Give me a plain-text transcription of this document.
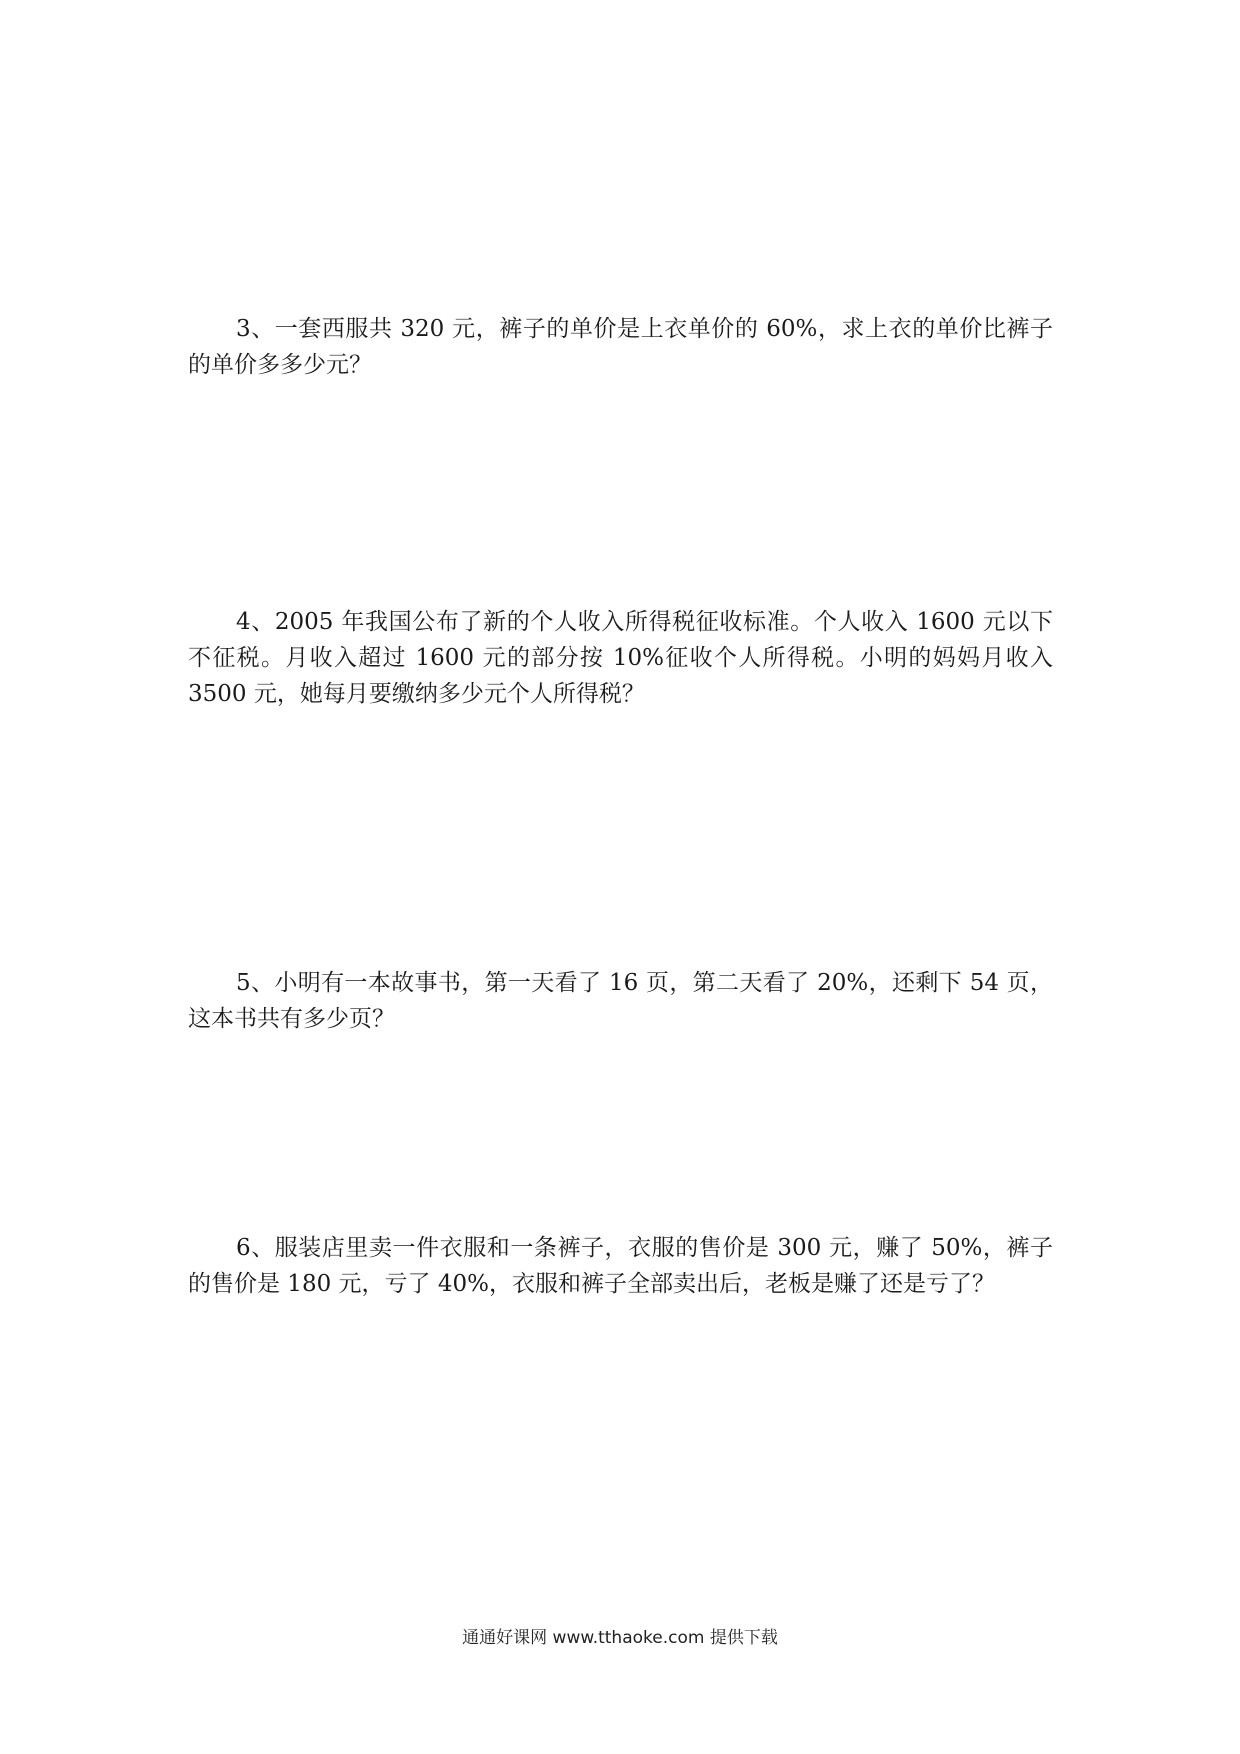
3、一套西服共 320 元，裤子的单价是上衣单价的 60%，求上衣的单价比裤子的单价多多少元？

4、2005 年我国公布了新的个人收入所得税征收标准。个人收入 1600 元以下不征税。月收入超过 1600 元的部分按 10%征收个人所得税。小明的妈妈月收入 3500 元，她每月要缴纳多少元个人所得税？

5、小明有一本故事书，第一天看了 16 页，第二天看了 20%，还剩下 54 页，这本书共有多少页？

6、服装店里卖一件衣服和一条裤子，衣服的售价是 300 元，赚了 50%，裤子的售价是 180 元，亏了 40%，衣服和裤子全部卖出后，老板是赚了还是亏了？

通通好课网 www.tthaoke.com 提供下载
